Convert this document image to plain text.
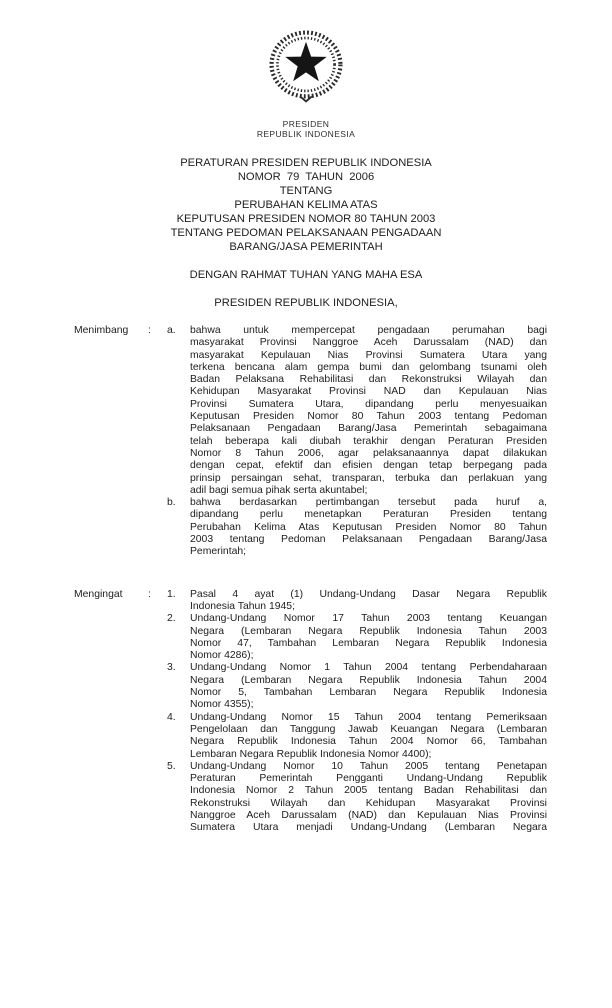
PRESIDEN
REPUBLIK INDONESIA
PERATURAN PRESIDEN REPUBLIK INDONESIA
NOMOR  79  TAHUN  2006
TENTANG
PERUBAHAN KELIMA ATAS
KEPUTUSAN PRESIDEN NOMOR 80 TAHUN 2003
TENTANG PEDOMAN PELAKSANAAN PENGADAAN
BARANG/JASA PEMERINTAH
DENGAN RAHMAT TUHAN YANG MAHA ESA
PRESIDEN REPUBLIK INDONESIA,
Menimbang	:	a.	bahwa untuk mempercepat pengadaan perumahan bagi
masyarakat Provinsi Nanggroe Aceh Darussalam (NAD) dan
masyarakat Kepulauan Nias Provinsi Sumatera Utara yang
terkena bencana alam gempa bumi dan gelombang tsunami oleh
Badan Pelaksana Rehabilitasi dan Rekonstruksi Wilayah dan
Kehidupan Masyarakat Provinsi NAD dan Kepulauan Nias
Provinsi Sumatera Utara, dipandang perlu menyesuaikan
Keputusan Presiden Nomor 80 Tahun 2003 tentang Pedoman
Pelaksanaan Pengadaan Barang/Jasa Pemerintah sebagaimana
telah beberapa kali diubah terakhir dengan Peraturan Presiden
Nomor 8 Tahun 2006, agar pelaksanaannya dapat dilakukan
dengan cepat, efektif dan efisien dengan tetap berpegang pada
prinsip persaingan sehat, transparan, terbuka dan perlakuan yang
adil bagi semua pihak serta akuntabel;
b.	bahwa berdasarkan pertimbangan tersebut pada huruf a,
dipandang perlu menetapkan Peraturan Presiden tentang
Perubahan Kelima Atas Keputusan Presiden Nomor 80 Tahun
2003 tentang Pedoman Pelaksanaan Pengadaan Barang/Jasa
Pemerintah;
Mengingat	:	1.	Pasal 4 ayat (1) Undang-Undang Dasar Negara Republik
Indonesia Tahun 1945;
2.	Undang-Undang Nomor 17 Tahun 2003 tentang Keuangan
Negara (Lembaran Negara Republik Indonesia Tahun 2003
Nomor 47, Tambahan Lembaran Negara Republik Indonesia
Nomor 4286);
3.	Undang-Undang Nomor 1 Tahun 2004 tentang Perbendaharaan
Negara (Lembaran Negara Republik Indonesia Tahun 2004
Nomor 5, Tambahan Lembaran Negara Republik Indonesia
Nomor 4355);
4.	Undang-Undang Nomor 15 Tahun 2004 tentang Pemeriksaan
Pengelolaan dan Tanggung Jawab Keuangan Negara (Lembaran
Negara Republik Indonesia Tahun 2004 Nomor 66, Tambahan
Lembaran Negara Republik Indonesia Nomor 4400);
5.	Undang-Undang Nomor 10 Tahun 2005 tentang Penetapan
Peraturan Pemerintah Pengganti Undang-Undang Republik
Indonesia Nomor 2 Tahun 2005 tentang Badan Rehabilitasi dan
Rekonstruksi Wilayah dan Kehidupan Masyarakat Provinsi
Nanggroe Aceh Darussalam (NAD) dan Kepulauan Nias Provinsi
Sumatera Utara menjadi Undang-Undang (Lembaran Negara
